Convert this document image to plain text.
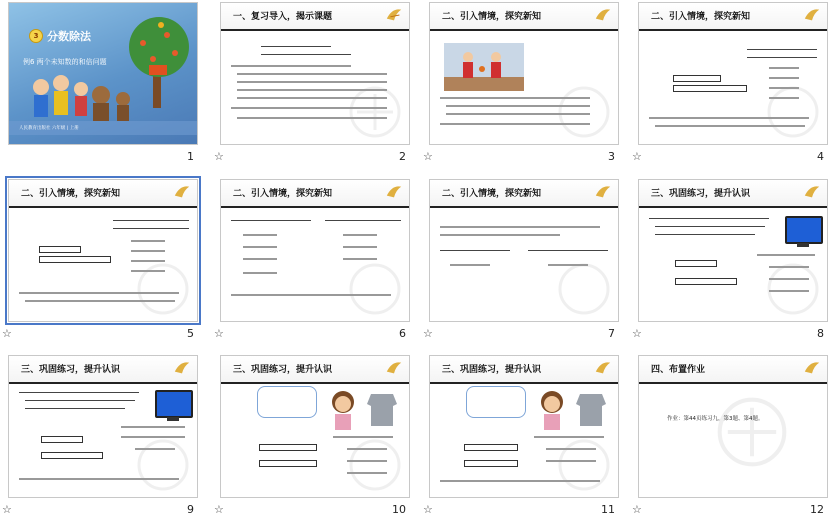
3 分数除法
例6 两个未知数的和倍问题
人民教育出版社 六年级 | 上册
1
一、复习导入，揭示课题
☆	2
二、引入情境，探究新知
☆	3
二、引入情境，探究新知
☆	4
二、引入情境，探究新知
☆	5
二、引入情境，探究新知
☆	6
二、引入情境，探究新知
☆	7
三、巩固练习，提升认识
☆	8
三、巩固练习，提升认识
☆	9
三、巩固练习，提升认识
☆	10
三、巩固练习，提升认识
☆	11
四、布置作业
作业：第44页练习九，第3题、第4题。
☆	12
